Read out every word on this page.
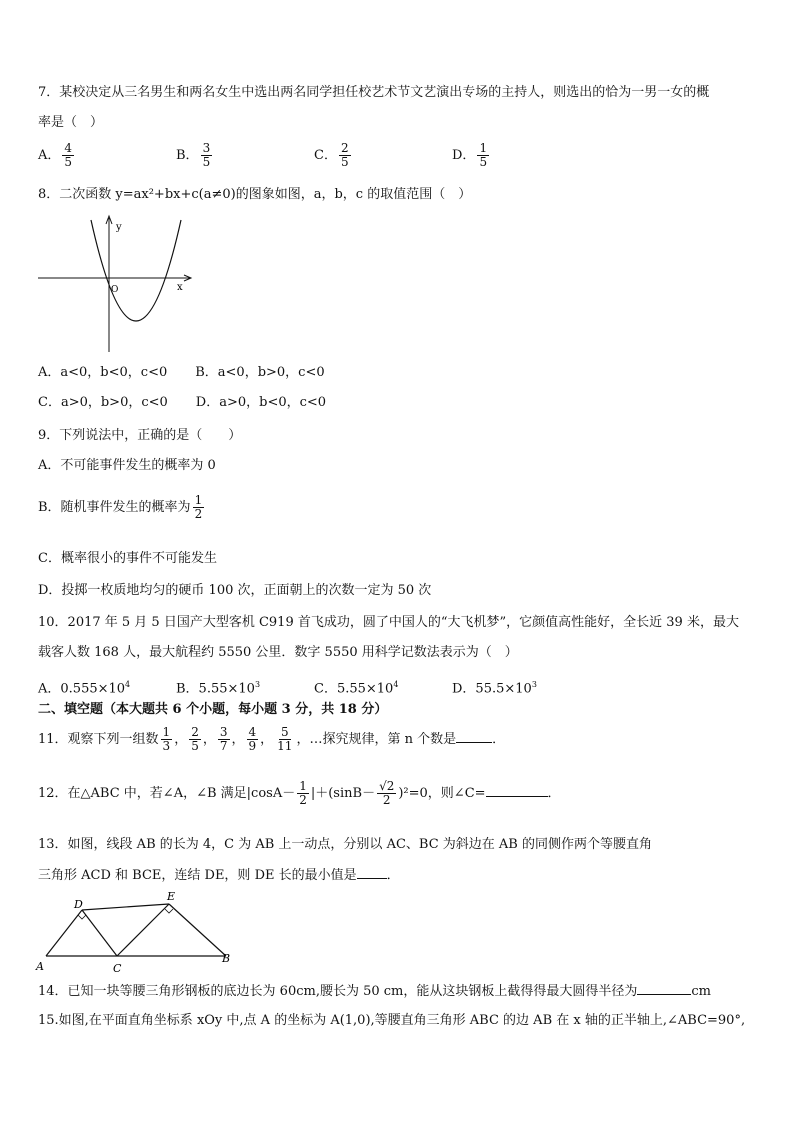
7．某校决定从三名男生和两名女生中选出两名同学担任校艺术节文艺演出专场的主持人，则选出的恰为一男一女的概
率是（　）
A． $\frac{4}{5}$	B． $\frac{3}{5}$	C． $\frac{2}{5}$	D． $\frac{1}{5}$
8．二次函数 y=ax²+bx+c(a≠0)的图象如图，a，b，c 的取值范围（　）
y
x
O
A．a<0，b<0，c<0 B．a<0，b>0，c<0
C．a>0，b>0，c<0 D．a>0，b<0，c<0
9．下列说法中，正确的是（　　）
A．不可能事件发生的概率为 0
B．随机事件发生的概率为 $\frac{1}{2}$
C．概率很小的事件不可能发生
D．投掷一枚质地均匀的硬币 100 次，正面朝上的次数一定为 50 次
10．2017 年 5 月 5 日国产大型客机 C919 首飞成功，圆了中国人的“大飞机梦”，它颜值高性能好，全长近 39 米，最大
载客人数 168 人，最大航程约 5550 公里．数字 5550 用科学记数法表示为（　）
A．$0.555\times 10^4$	B．$5.55\times 10^3$	C．$5.55\times 10^4$	D．$55.5\times 10^3$
二、填空题（本大题共 6 个小题，每小题 3 分，共 18 分）
11．观察下列一组数 $\frac{1}{3}$ ， $\frac{2}{5}$ ， $\frac{3}{7}$ ， $\frac{4}{9}$ ， $\frac{5}{11}$ ，…探究规律，第 n 个数是	．
12．在△ABC 中，若∠A，∠B 满足$|\cos A- \frac{1}{2} |+(\sin B- \frac{√2}{2} )^2=0$，则∠C=	．
13．如图，线段 AB 的长为 4，C 为 AB 上一动点，分别以 AC、BC 为斜边在 AB 的同侧作两个等腰直角
三角形 ACD 和 BCE，连结 DE，则 DE 长的最小值是 ．
A
B
C
D
E
14．已知一块等腰三角形钢板的底边长为 60cm,腰长为 50 cm，能从这块钢板上截得得最大圆得半径为	cm
15.如图,在平面直角坐标系 xOy 中,点 A 的坐标为 A(1,0),等腰直角三角形 ABC 的边 AB 在 x 轴的正半轴上,∠ABC=90°,
